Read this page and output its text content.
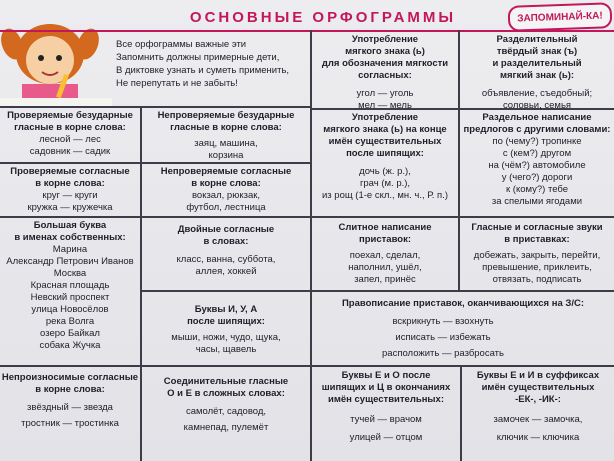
ОСНОВНЫЕ ОРФОГРАММЫ	ЗАПОМИНАЙ-КА!
Все орфограммы важные эти
Запомнить должны примерные дети,
В диктовке узнать и суметь применить,
Не перепутать и не забыть!
Употребление
мягкого знака (ь)
для обозначения мягкости
согласных:
угол — уголь
мел — мель
Разделительный
твёрдый знак (ъ)
и разделительный
мягкий знак (ь):
объявление, съедобный;
соловьи, семья
Проверяемые безударные
гласные в корне слова:
лесной — лес
садовник — садик
Непроверяемые безударные
гласные в корне слова:
заяц, машина,
корзина
Употребление
мягкого знака (ь) на конце
имён существительных
после шипящих:
дочь (ж. р.),
грач (м. р.),
из рощ (1-е скл., мн. ч., Р. п.)
Раздельное написание
предлогов с другими словами:
по (чему?) тропинке
с (кем?) другом
на (чём?) автомобиле
у (чего?) дороги
к (кому?) тебе
за спелыми ягодами
Проверяемые согласные
в корне слова:
круг — круги
кружка — кружечка
Непроверяемые согласные
в корне слова:
вокзал, рюкзак,
футбол, лестница
Большая буква
в именах собственных:
Марина
Александр Петрович Иванов
Москва
Красная площадь
Невский проспект
улица Новосёлов
река Волга
озеро Байкал
собака Жучка
Двойные согласные
в словах:
класс, ванна, суббота,
аллея, хоккей
Слитное написание
приставок:
поехал, сделал,
наполнил, ушёл,
запел, принёс
Гласные и согласные звуки
в приставках:
добежать, закрыть, перейти,
превышение, приклеить,
отвязать, подписать
Буквы И, У, А
после шипящих:
мыши, ножи, чудо, щука,
часы, щавель
Правописание приставок, оканчивающихся на З/С:
вскрикнуть — взохнуть
исписать — избежать
расположить — разбросать
Непроизносимые согласные
в корне слова:
звёздный — звезда
тростник — тростинка
Соединительные гласные
О и Е в сложных словах:
самолёт, садовод,
камнепад, пулемёт
Буквы Е и О после
шипящих и Ц в окончаниях
имён существительных:
тучей — врачом
улицей — отцом
Буквы Е и И в суффиксах
имён существительных
-ЕК-, -ИК-:
замочек — замочка,
ключик — ключика
